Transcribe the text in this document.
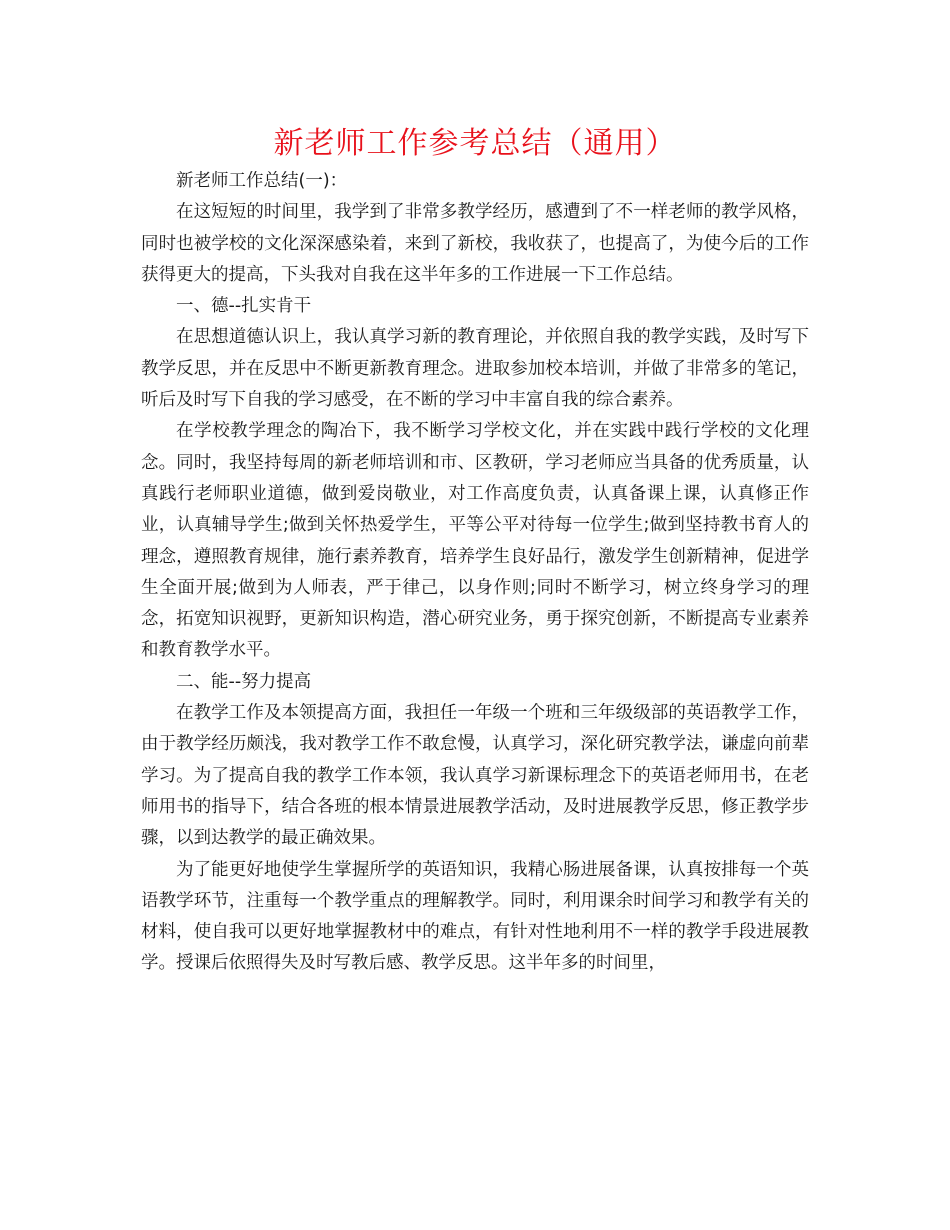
新老师工作参考总结（通用）

新老师工作总结(一)：

在这短短的时间里，我学到了非常多教学经历，感遭到了不一样老师的教学风格，同时也被学校的文化深深感染着，来到了新校，我收获了，也提高了，为使今后的工作获得更大的提高，下头我对自我在这半年多的工作进展一下工作总结。

一、德--扎实肯干

在思想道德认识上，我认真学习新的教育理论，并依照自我的教学实践，及时写下教学反思，并在反思中不断更新教育理念。进取参加校本培训，并做了非常多的笔记，听后及时写下自我的学习感受，在不断的学习中丰富自我的综合素养。

在学校教学理念的陶冶下，我不断学习学校文化，并在实践中践行学校的文化理念。同时，我坚持每周的新老师培训和市、区教研，学习老师应当具备的优秀质量，认真践行老师职业道德，做到爱岗敬业，对工作高度负责，认真备课上课，认真修正作业，认真辅导学生;做到关怀热爱学生，平等公平对待每一位学生;做到坚持教书育人的理念，遵照教育规律，施行素养教育，培养学生良好品行，激发学生创新精神，促进学生全面开展;做到为人师表，严于律己，以身作则;同时不断学习，树立终身学习的理念，拓宽知识视野，更新知识构造，潜心研究业务，勇于探究创新，不断提高专业素养和教育教学水平。

二、能--努力提高

在教学工作及本领提高方面，我担任一年级一个班和三年级级部的英语教学工作，由于教学经历颇浅，我对教学工作不敢怠慢，认真学习，深化研究教学法，谦虚向前辈学习。为了提高自我的教学工作本领，我认真学习新课标理念下的英语老师用书，在老师用书的指导下，结合各班的根本情景进展教学活动，及时进展教学反思，修正教学步骤，以到达教学的最正确效果。

为了能更好地使学生掌握所学的英语知识，我精心肠进展备课，认真按排每一个英语教学环节，注重每一个教学重点的理解教学。同时，利用课余时间学习和教学有关的材料，使自我可以更好地掌握教材中的难点，有针对性地利用不一样的教学手段进展教学。授课后依照得失及时写教后感、教学反思。这半年多的时间里，
